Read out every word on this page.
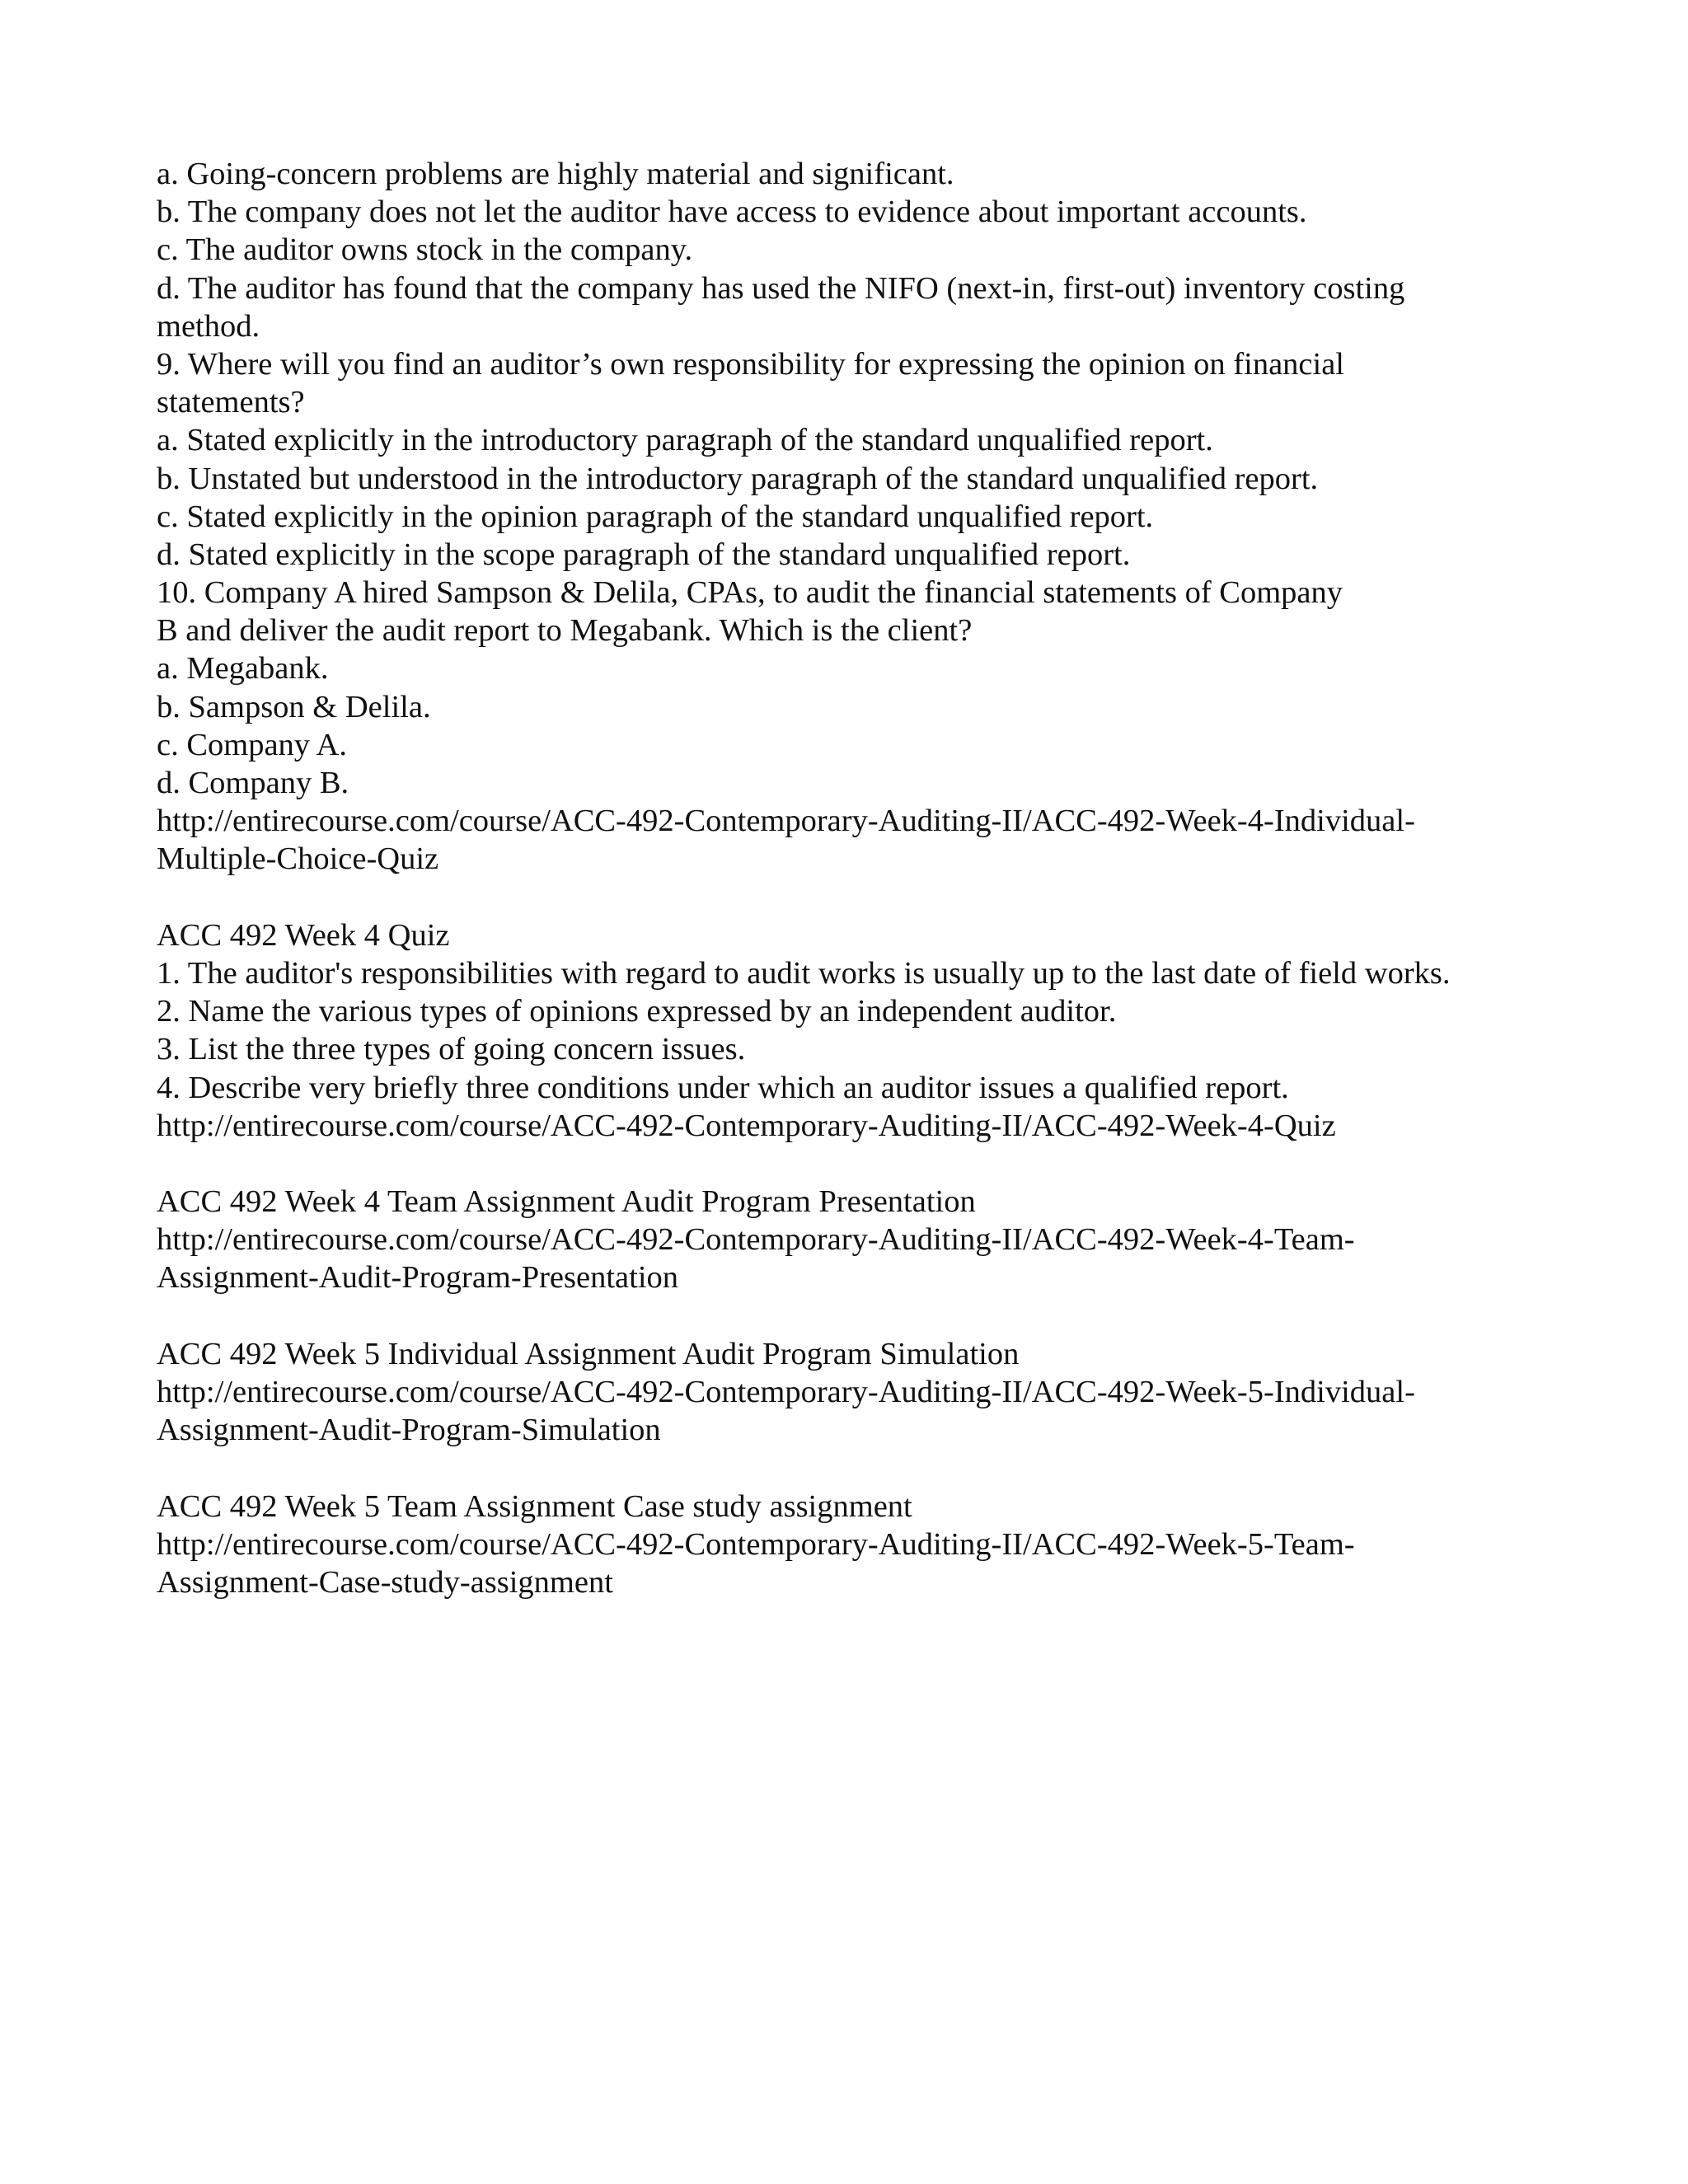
a. Going-concern problems are highly material and significant.
b. The company does not let the auditor have access to evidence about important accounts.
c. The auditor owns stock in the company.
d. The auditor has found that the company has used the NIFO (next-in, first-out) inventory costing
method.
9. Where will you find an auditor’s own responsibility for expressing the opinion on financial
statements?
a. Stated explicitly in the introductory paragraph of the standard unqualified report.
b. Unstated but understood in the introductory paragraph of the standard unqualified report.
c. Stated explicitly in the opinion paragraph of the standard unqualified report.
d. Stated explicitly in the scope paragraph of the standard unqualified report.
10. Company A hired Sampson & Delila, CPAs, to audit the financial statements of Company
B and deliver the audit report to Megabank. Which is the client?
a. Megabank.
b. Sampson & Delila.
c. Company A.
d. Company B.
http://entirecourse.com/course/ACC-492-Contemporary-Auditing-II/ACC-492-Week-4-Individual-
Multiple-Choice-Quiz
ACC 492 Week 4 Quiz
1. The auditor's responsibilities with regard to audit works is usually up to the last date of field works.
2. Name the various types of opinions expressed by an independent auditor.
3. List the three types of going concern issues.
4. Describe very briefly three conditions under which an auditor issues a qualified report.
http://entirecourse.com/course/ACC-492-Contemporary-Auditing-II/ACC-492-Week-4-Quiz
ACC 492 Week 4 Team Assignment Audit Program Presentation
http://entirecourse.com/course/ACC-492-Contemporary-Auditing-II/ACC-492-Week-4-Team-
Assignment-Audit-Program-Presentation
ACC 492 Week 5 Individual Assignment Audit Program Simulation
http://entirecourse.com/course/ACC-492-Contemporary-Auditing-II/ACC-492-Week-5-Individual-
Assignment-Audit-Program-Simulation
ACC 492 Week 5 Team Assignment Case study assignment
http://entirecourse.com/course/ACC-492-Contemporary-Auditing-II/ACC-492-Week-5-Team-
Assignment-Case-study-assignment
